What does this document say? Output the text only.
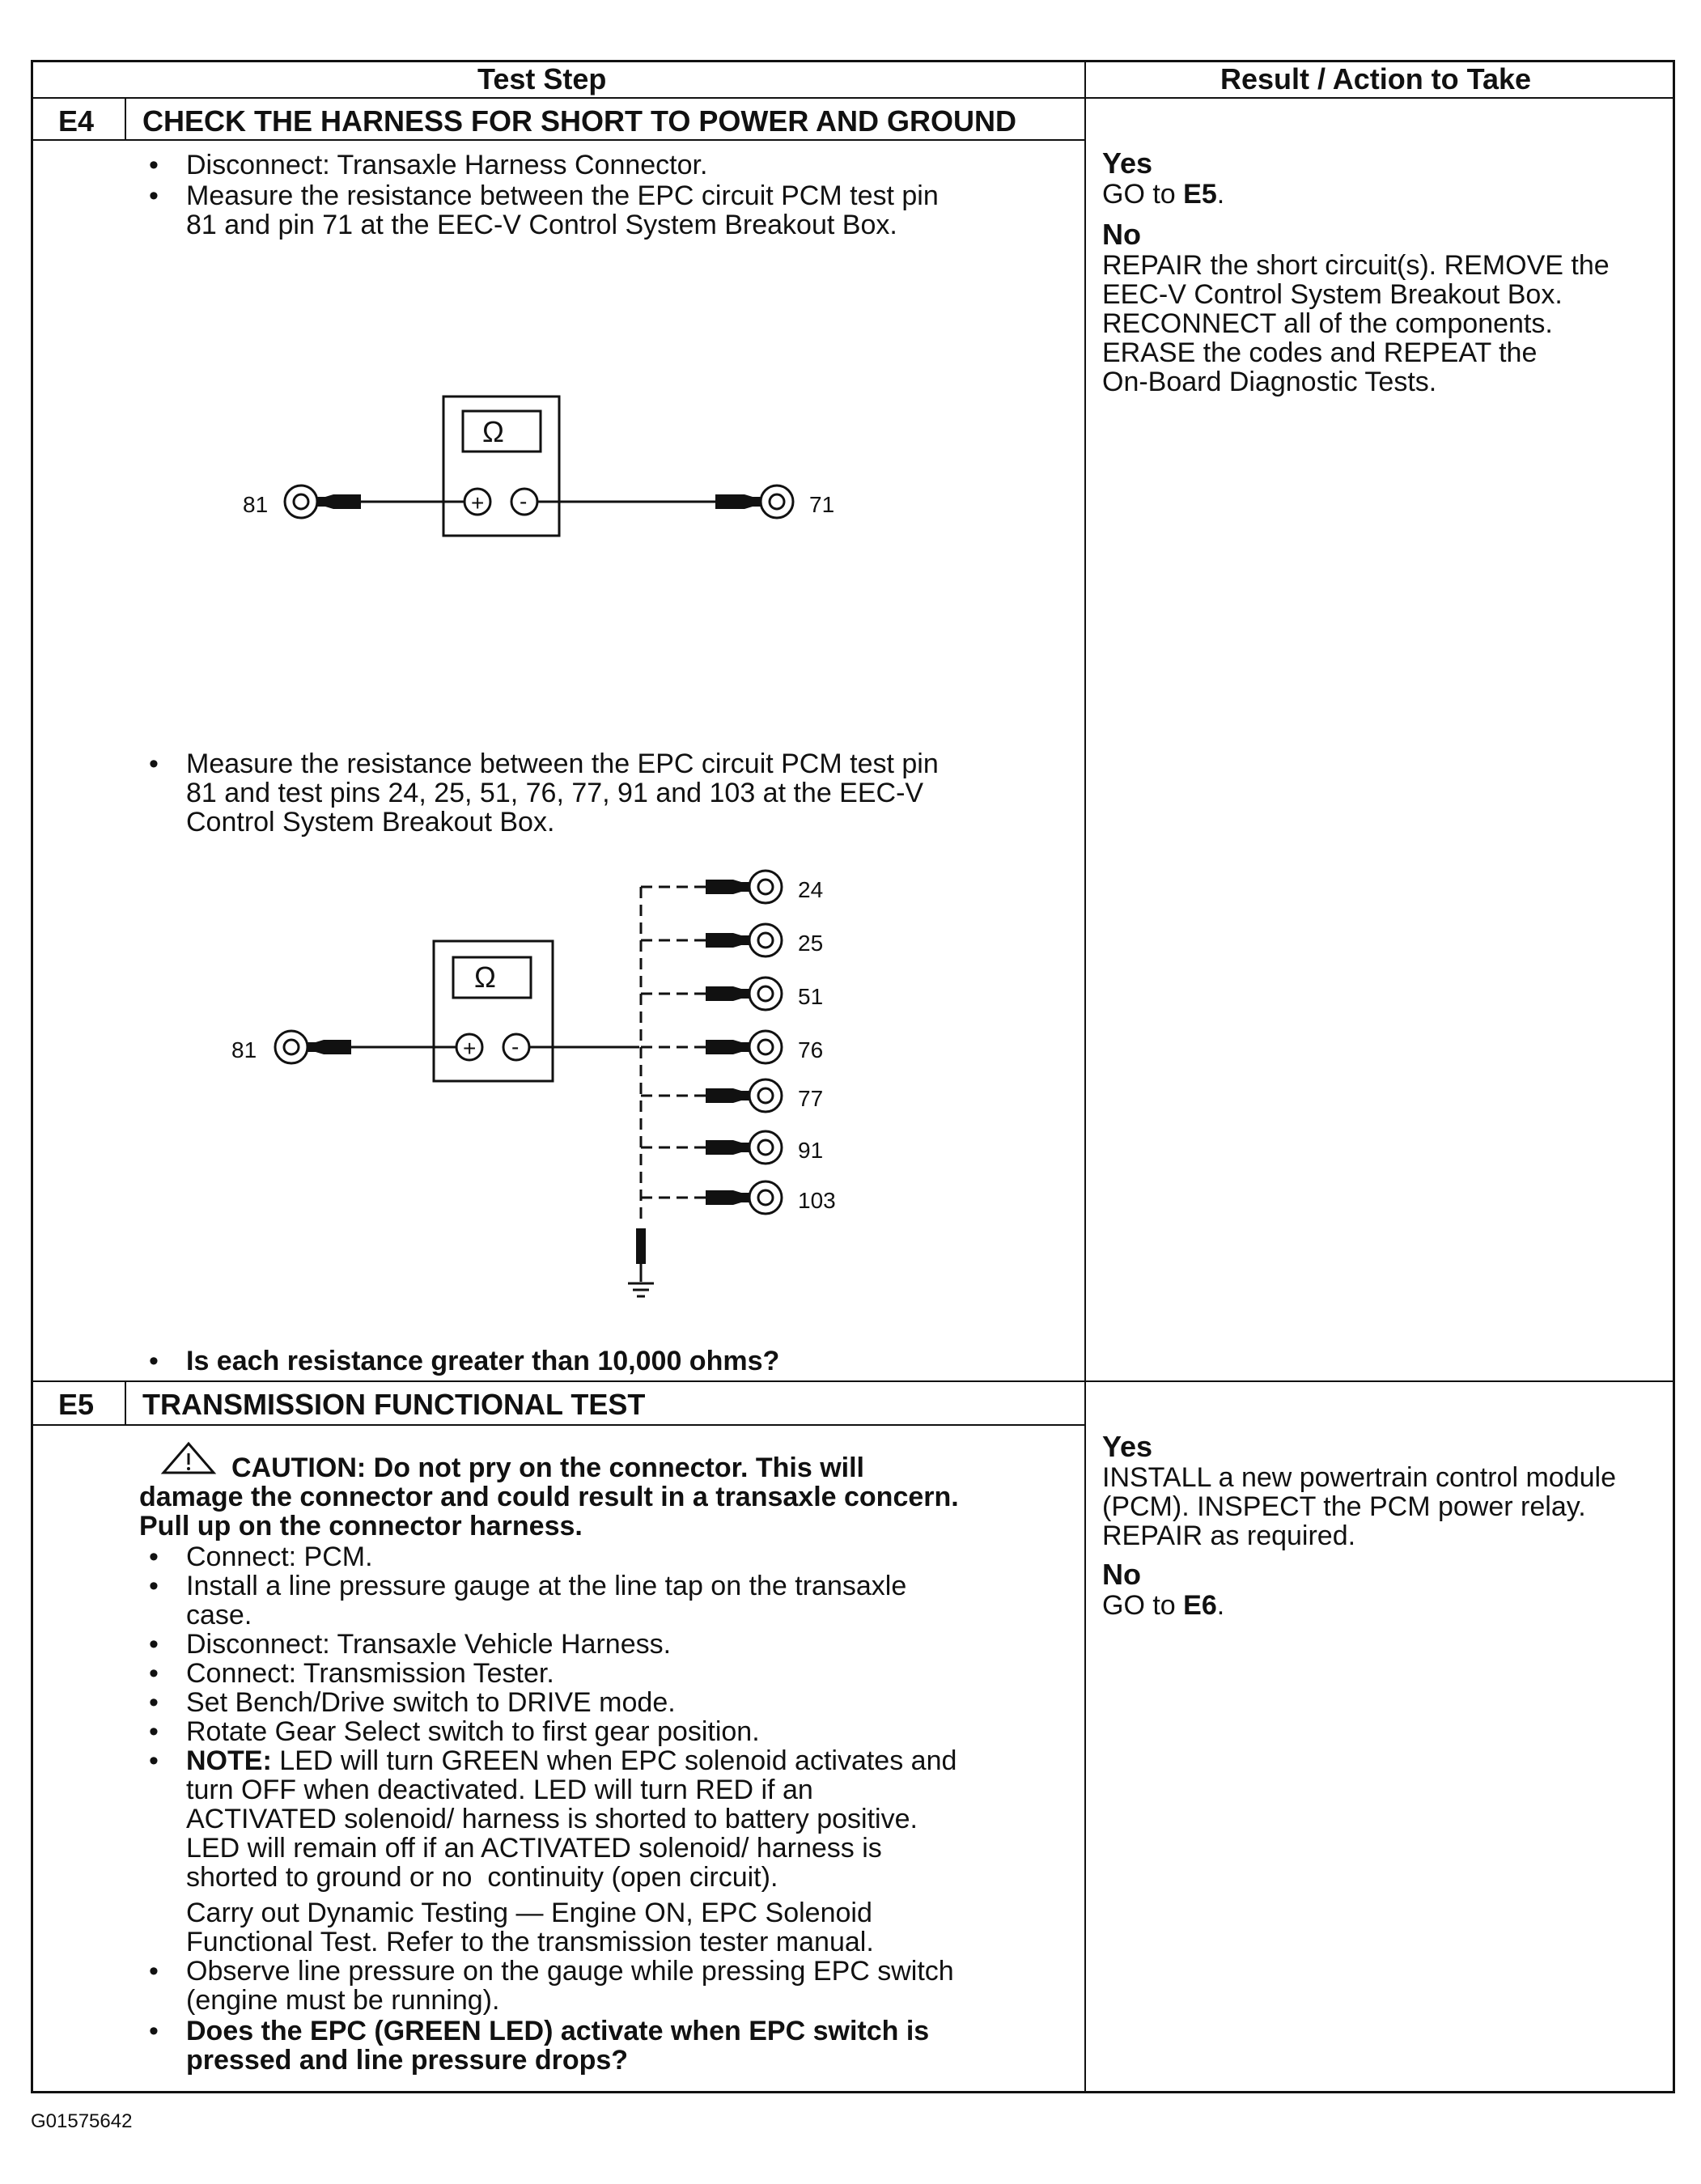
Test Step	Result / Action to Take
E4 CHECK THE HARNESS FOR SHORT TO POWER AND GROUND
• Disconnect: Transaxle Harness Connector.
• Measure the resistance between the EPC circuit PCM test pin
81 and pin 71 at the EEC-V Control System Breakout Box.
Ω
+ -
81	71
• Measure the resistance between the EPC circuit PCM test pin
81 and test pins 24, 25, 51, 76, 77, 91 and 103 at the EEC-V
Control System Breakout Box.
Ω
+ -
81
24
25
51
76
77
91
103
• Is each resistance greater than 10,000 ohms?
Yes
GO to E5.
No
REPAIR the short circuit(s). REMOVE the
EEC-V Control System Breakout Box.
RECONNECT all of the components.
ERASE the codes and REPEAT the
On-Board Diagnostic Tests.
E5 TRANSMISSION FUNCTIONAL TEST
CAUTION: Do not pry on the connector. This will
damage the connector and could result in a transaxle concern.
Pull up on the connector harness.
• Connect: PCM.
• Install a line pressure gauge at the line tap on the transaxle
case.
• Disconnect: Transaxle Vehicle Harness.
• Connect: Transmission Tester.
• Set Bench/Drive switch to DRIVE mode.
• Rotate Gear Select switch to first gear position.
• NOTE: LED will turn GREEN when EPC solenoid activates and
turn OFF when deactivated. LED will turn RED if an
ACTIVATED solenoid/ harness is shorted to battery positive.
LED will remain off if an ACTIVATED solenoid/ harness is
shorted to ground or no  continuity (open circuit).
Carry out Dynamic Testing — Engine ON, EPC Solenoid
Functional Test. Refer to the transmission tester manual.
• Observe line pressure on the gauge while pressing EPC switch
(engine must be running).
• Does the EPC (GREEN LED) activate when EPC switch is
pressed and line pressure drops?
Yes
INSTALL a new powertrain control module
(PCM). INSPECT the PCM power relay.
REPAIR as required.
No
GO to E6.
G01575642
